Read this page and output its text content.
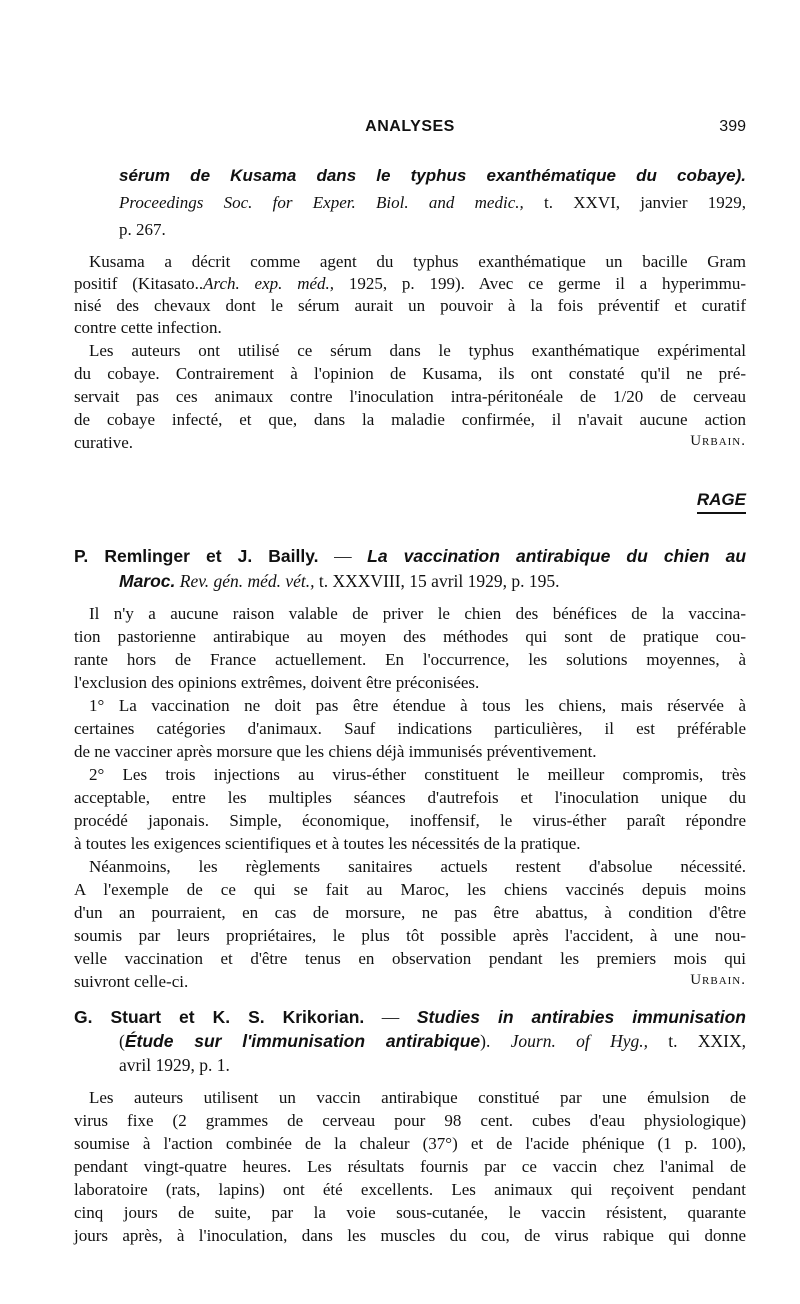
ANALYSES	399
sérum de Kusama dans le typhus exanthématique du cobaye).
Proceedings Soc. for Exper. Biol. and medic., t. XXVI, janvier 1929,
p. 267.
Kusama a décrit comme agent du typhus exanthématique un bacille Gram
positif (Kitasato..Arch. exp. méd., 1925, p. 199). Avec ce germe il a hyperimmu-
nisé des chevaux dont le sérum aurait un pouvoir à la fois préventif et curatif
contre cette infection.
Les auteurs ont utilisé ce sérum dans le typhus exanthématique expérimental
du cobaye. Contrairement à l'opinion de Kusama, ils ont constaté qu'il ne pré-
servait pas ces animaux contre l'inoculation intra-péritonéale de 1/20 de cerveau
de cobaye infecté, et que, dans la maladie confirmée, il n'avait aucune action
curative.	Urbain.
RAGE
P. Remlinger et J. Bailly. — La vaccination antirabique du chien au
Maroc. Rev. gén. méd. vét., t. XXXVIII, 15 avril 1929, p. 195.
Il n'y a aucune raison valable de priver le chien des bénéfices de la vaccina-
tion pastorienne antirabique au moyen des méthodes qui sont de pratique cou-
rante hors de France actuellement. En l'occurrence, les solutions moyennes, à
l'exclusion des opinions extrêmes, doivent être préconisées.
1° La vaccination ne doit pas être étendue à tous les chiens, mais réservée à
certaines catégories d'animaux. Sauf indications particulières, il est préférable
de ne vacciner après morsure que les chiens déjà immunisés préventivement.
2° Les trois injections au virus-éther constituent le meilleur compromis, très
acceptable, entre les multiples séances d'autrefois et l'inoculation unique du
procédé japonais. Simple, économique, inoffensif, le virus-éther paraît répondre
à toutes les exigences scientifiques et à toutes les nécessités de la pratique.
Néanmoins, les règlements sanitaires actuels restent d'absolue nécessité.
A l'exemple de ce qui se fait au Maroc, les chiens vaccinés depuis moins
d'un an pourraient, en cas de morsure, ne pas être abattus, à condition d'être
soumis par leurs propriétaires, le plus tôt possible après l'accident, à une nou-
velle vaccination et d'être tenus en observation pendant les premiers mois qui
suivront celle-ci.	Urbain.
G. Stuart et K. S. Krikorian. — Studies in antirabies immunisation
(Étude sur l'immunisation antirabique). Journ. of Hyg., t. XXIX,
avril 1929, p. 1.
Les auteurs utilisent un vaccin antirabique constitué par une émulsion de
virus fixe (2 grammes de cerveau pour 98 cent. cubes d'eau physiologique)
soumise à l'action combinée de la chaleur (37°) et de l'acide phénique (1 p. 100),
pendant vingt-quatre heures. Les résultats fournis par ce vaccin chez l'animal de
laboratoire (rats, lapins) ont été excellents. Les animaux qui reçoivent pendant
cinq jours de suite, par la voie sous-cutanée, le vaccin résistent, quarante
jours après, à l'inoculation, dans les muscles du cou, de virus rabique qui donne
